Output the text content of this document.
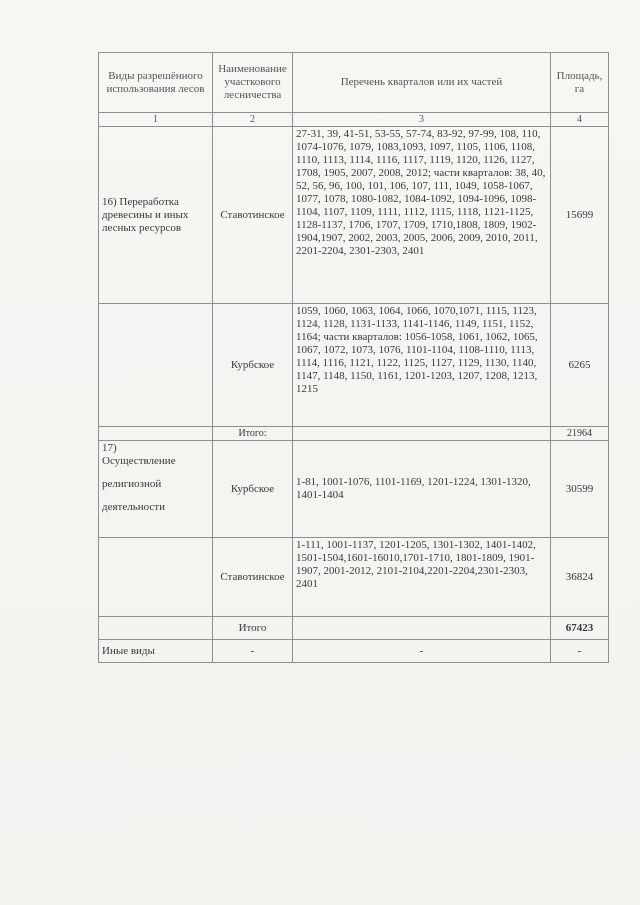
Виды разрешённого использования лесов	Наименование участкового лесничества	Перечень кварталов или их частей	Площадь, га
1	2	3	4
16) Переработка древесины и иных лесных ресурсов	Ставотинское	27-31, 39, 41-51, 53-55, 57-74, 83-92, 97-99, 108, 110, 1074-1076, 1079, 1083,1093, 1097, 1105, 1106, 1108, 1110, 1113, 1114, 1116, 1117, 1119, 1120, 1126, 1127, 1708, 1905, 2007, 2008, 2012; части кварталов: 38, 40, 52, 56, 96, 100, 101, 106, 107, 111, 1049, 1058-1067, 1077, 1078, 1080-1082, 1084-1092, 1094-1096, 1098-1104, 1107, 1109, 1111, 1112, 1115, 1118, 1121-1125, 1128-1137, 1706, 1707, 1709, 1710,1808, 1809, 1902-1904,1907, 2002, 2003, 2005, 2006, 2009, 2010, 2011, 2201-2204, 2301-2303, 2401	15699
	Курбское	1059, 1060, 1063, 1064, 1066, 1070,1071, 1115, 1123, 1124, 1128, 1131-1133, 1141-1146, 1149, 1151, 1152, 1164; части кварталов: 1056-1058, 1061, 1062, 1065, 1067, 1072, 1073, 1076, 1101-1104, 1108-1110, 1113, 1114, 1116, 1121, 1122, 1125, 1127, 1129, 1130, 1140, 1147, 1148, 1150, 1161, 1201-1203, 1207, 1208, 1213, 1215	6265
	Итого:		21964
17)
Осуществление
религиозной
деятельности	Курбское	1-81, 1001-1076, 1101-1169, 1201-1224, 1301-1320, 1401-1404	30599
	Ставотинское	1-111, 1001-1137, 1201-1205, 1301-1302, 1401-1402, 1501-1504,1601-16010,1701-1710, 1801-1809, 1901-1907, 2001-2012, 2101-2104,2201-2204,2301-2303, 2401	36824
	Итого		67423
Иные виды	-	-	-
